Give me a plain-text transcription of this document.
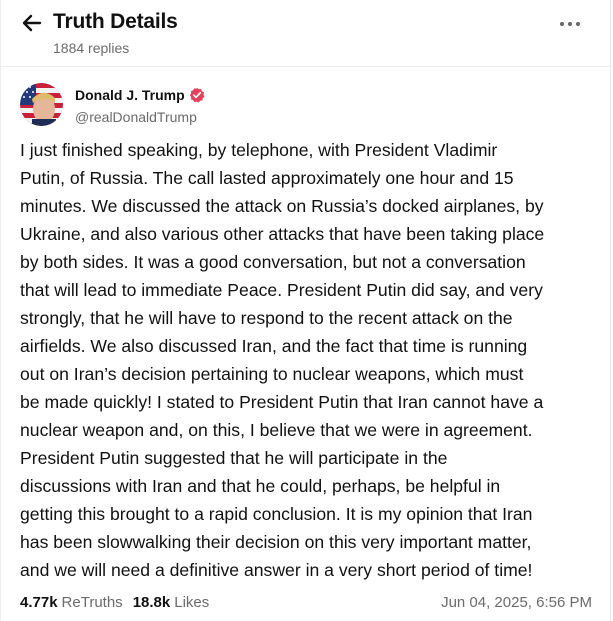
Truth Details
1884 replies
Donald J. Trump
@realDonaldTrump
I just finished speaking, by telephone, with President Vladimir
Putin, of Russia. The call lasted approximately one hour and 15
minutes. We discussed the attack on Russia’s docked airplanes, by
Ukraine, and also various other attacks that have been taking place
by both sides. It was a good conversation, but not a conversation
that will lead to immediate Peace. President Putin did say, and very
strongly, that he will have to respond to the recent attack on the
airfields. We also discussed Iran, and the fact that time is running
out on Iran’s decision pertaining to nuclear weapons, which must
be made quickly! I stated to President Putin that Iran cannot have a
nuclear weapon and, on this, I believe that we were in agreement.
President Putin suggested that he will participate in the
discussions with Iran and that he could, perhaps, be helpful in
getting this brought to a rapid conclusion. It is my opinion that Iran
has been slowwalking their decision on this very important matter,
and we will need a definitive answer in a very short period of time!
4.77k ReTruths 18.8k Likes	Jun 04, 2025, 6:56 PM
